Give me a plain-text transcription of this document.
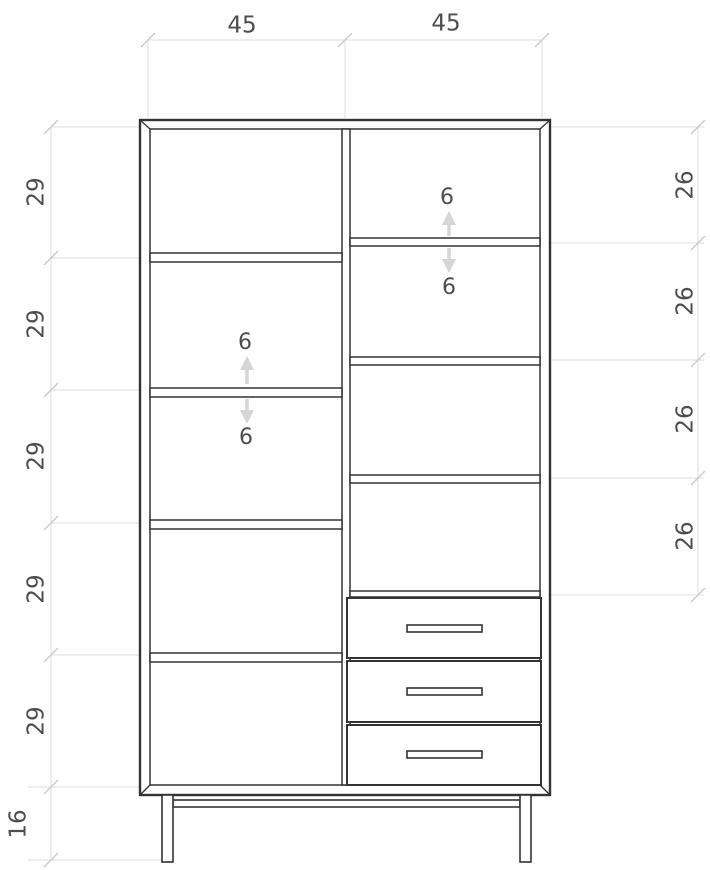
45	45
29
29
29
29
29
16
26
26
26
26
6
6
6
6
